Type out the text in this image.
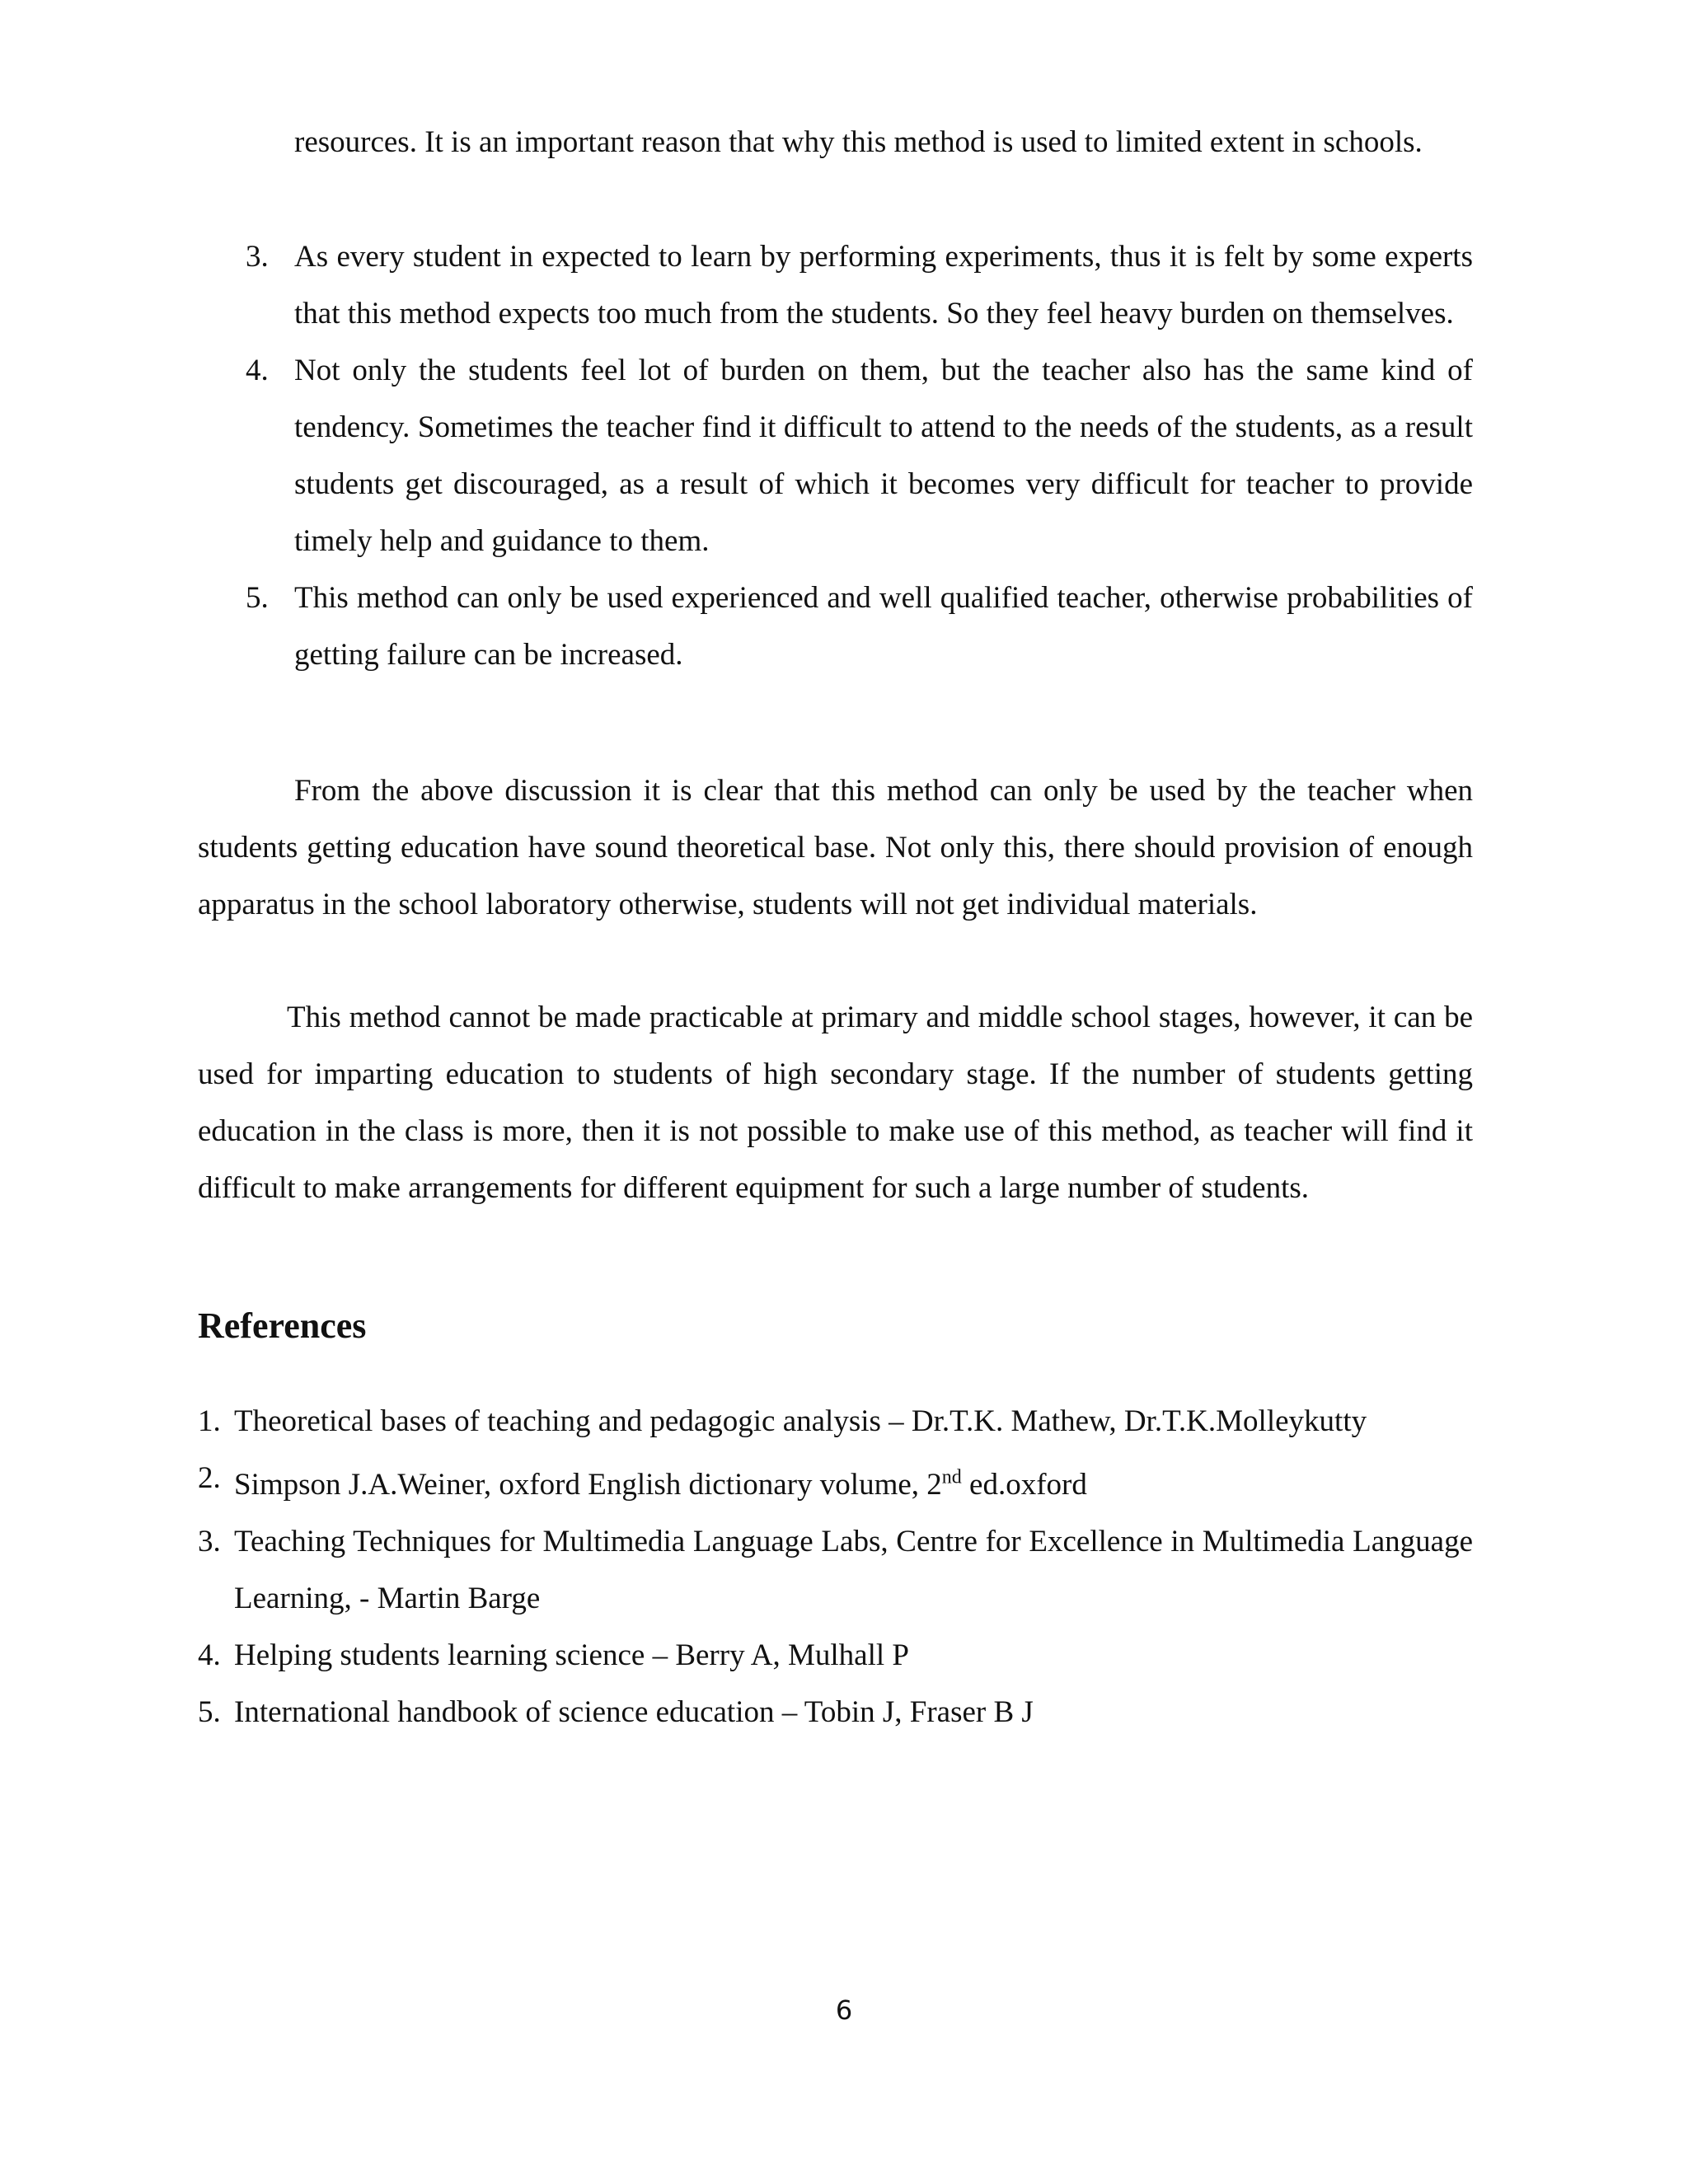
resources. It is an important reason that why this method is used to limited extent in schools.
3. As every student in expected to learn by performing experiments, thus it is felt by some experts that this method expects too much from the students. So they feel heavy burden on themselves.
4. Not only the students feel lot of burden on them, but the teacher also has the same kind of tendency. Sometimes the teacher find it difficult to attend to the needs of the students, as a result students get discouraged, as a result of which it becomes very difficult for teacher to provide timely help and guidance to them.
5. This method can only be used experienced and well qualified teacher, otherwise probabilities of getting failure can be increased.

From the above discussion it is clear that this method can only be used by the teacher when students getting education have sound theoretical base. Not only this, there should provision of enough apparatus in the school laboratory otherwise, students will not get individual materials.

This method cannot be made practicable at primary and middle school stages, however, it can be used for imparting education to students of high secondary stage. If the number of students getting education in the class is more, then it is not possible to make use of this method, as teacher will find it difficult to make arrangements for different equipment for such a large number of students.

References
1. Theoretical bases of teaching and pedagogic analysis – Dr.T.K. Mathew, Dr.T.K.Molleykutty
2. Simpson J.A.Weiner, oxford English dictionary volume, 2nd ed.oxford
3. Teaching Techniques for Multimedia Language Labs, Centre for Excellence in Multimedia Language Learning, - Martin Barge
4. Helping students learning science – Berry A, Mulhall P
5. International handbook of science education – Tobin J, Fraser B J
6
